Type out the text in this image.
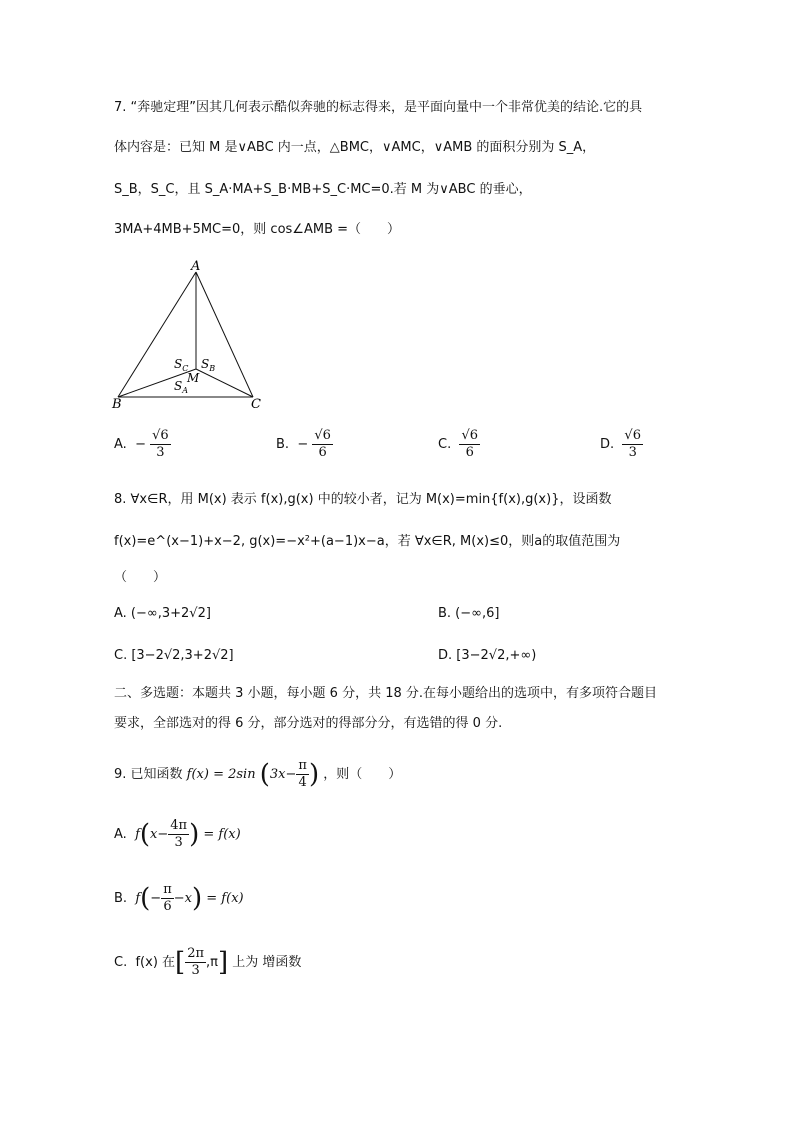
7. “奔驰定理”因其几何表示酷似奔驰的标志得来，是平面向量中一个非常优美的结论.它的具
体内容是：已知 M 是∨ABC 内一点，△BMC，∨AMC，∨AMB 的面积分别为 S_A，
S_B，S_C，且 S_A·MA+S_B·MB+S_C·MC=0.若 M 为∨ABC 的垂心，
3MA+4MB+5MC=0，则 cos∠AMB =（　　）
A
B	C
M
$S_C$ $S_B$
$S_A$
A. − $\frac{√6}{3}$	B. − $\frac{√6}{6}$	C. $\frac{√6}{6}$	D. $\frac{√6}{3}$
8. ∀x∈R，用 M(x) 表示 f(x),g(x) 中的较小者，记为 M(x)=min{f(x),g(x)}，设函数
f(x)=e^(x−1)+x−2, g(x)=−x²+(a−1)x−a，若 ∀x∈R, M(x)≤0，则a的取值范围为
（　　）
A. (−∞,3+2√2]	B. (−∞,6]
C. [3−2√2,3+2√2]	D. [3−2√2,+∞)
二、多选题：本题共 3 小题，每小题 6 分，共 18 分.在每小题给出的选项中，有多项符合题目
要求，全部选对的得 6 分，部分选对的得部分分，有选错的得 0 分.
9. 已知函数 f(x) = 2sin ($3x- \frac{\pi}{4}$ ) ，则（　　）
A. $f(x- \frac{4\pi}{3}$ ) = f(x)
B. $f(- \frac{\pi}{6} -x) = f(x)$
C. f(x) 在[ $\frac{2\pi}{3} ,\pi$] 上为 增函数
